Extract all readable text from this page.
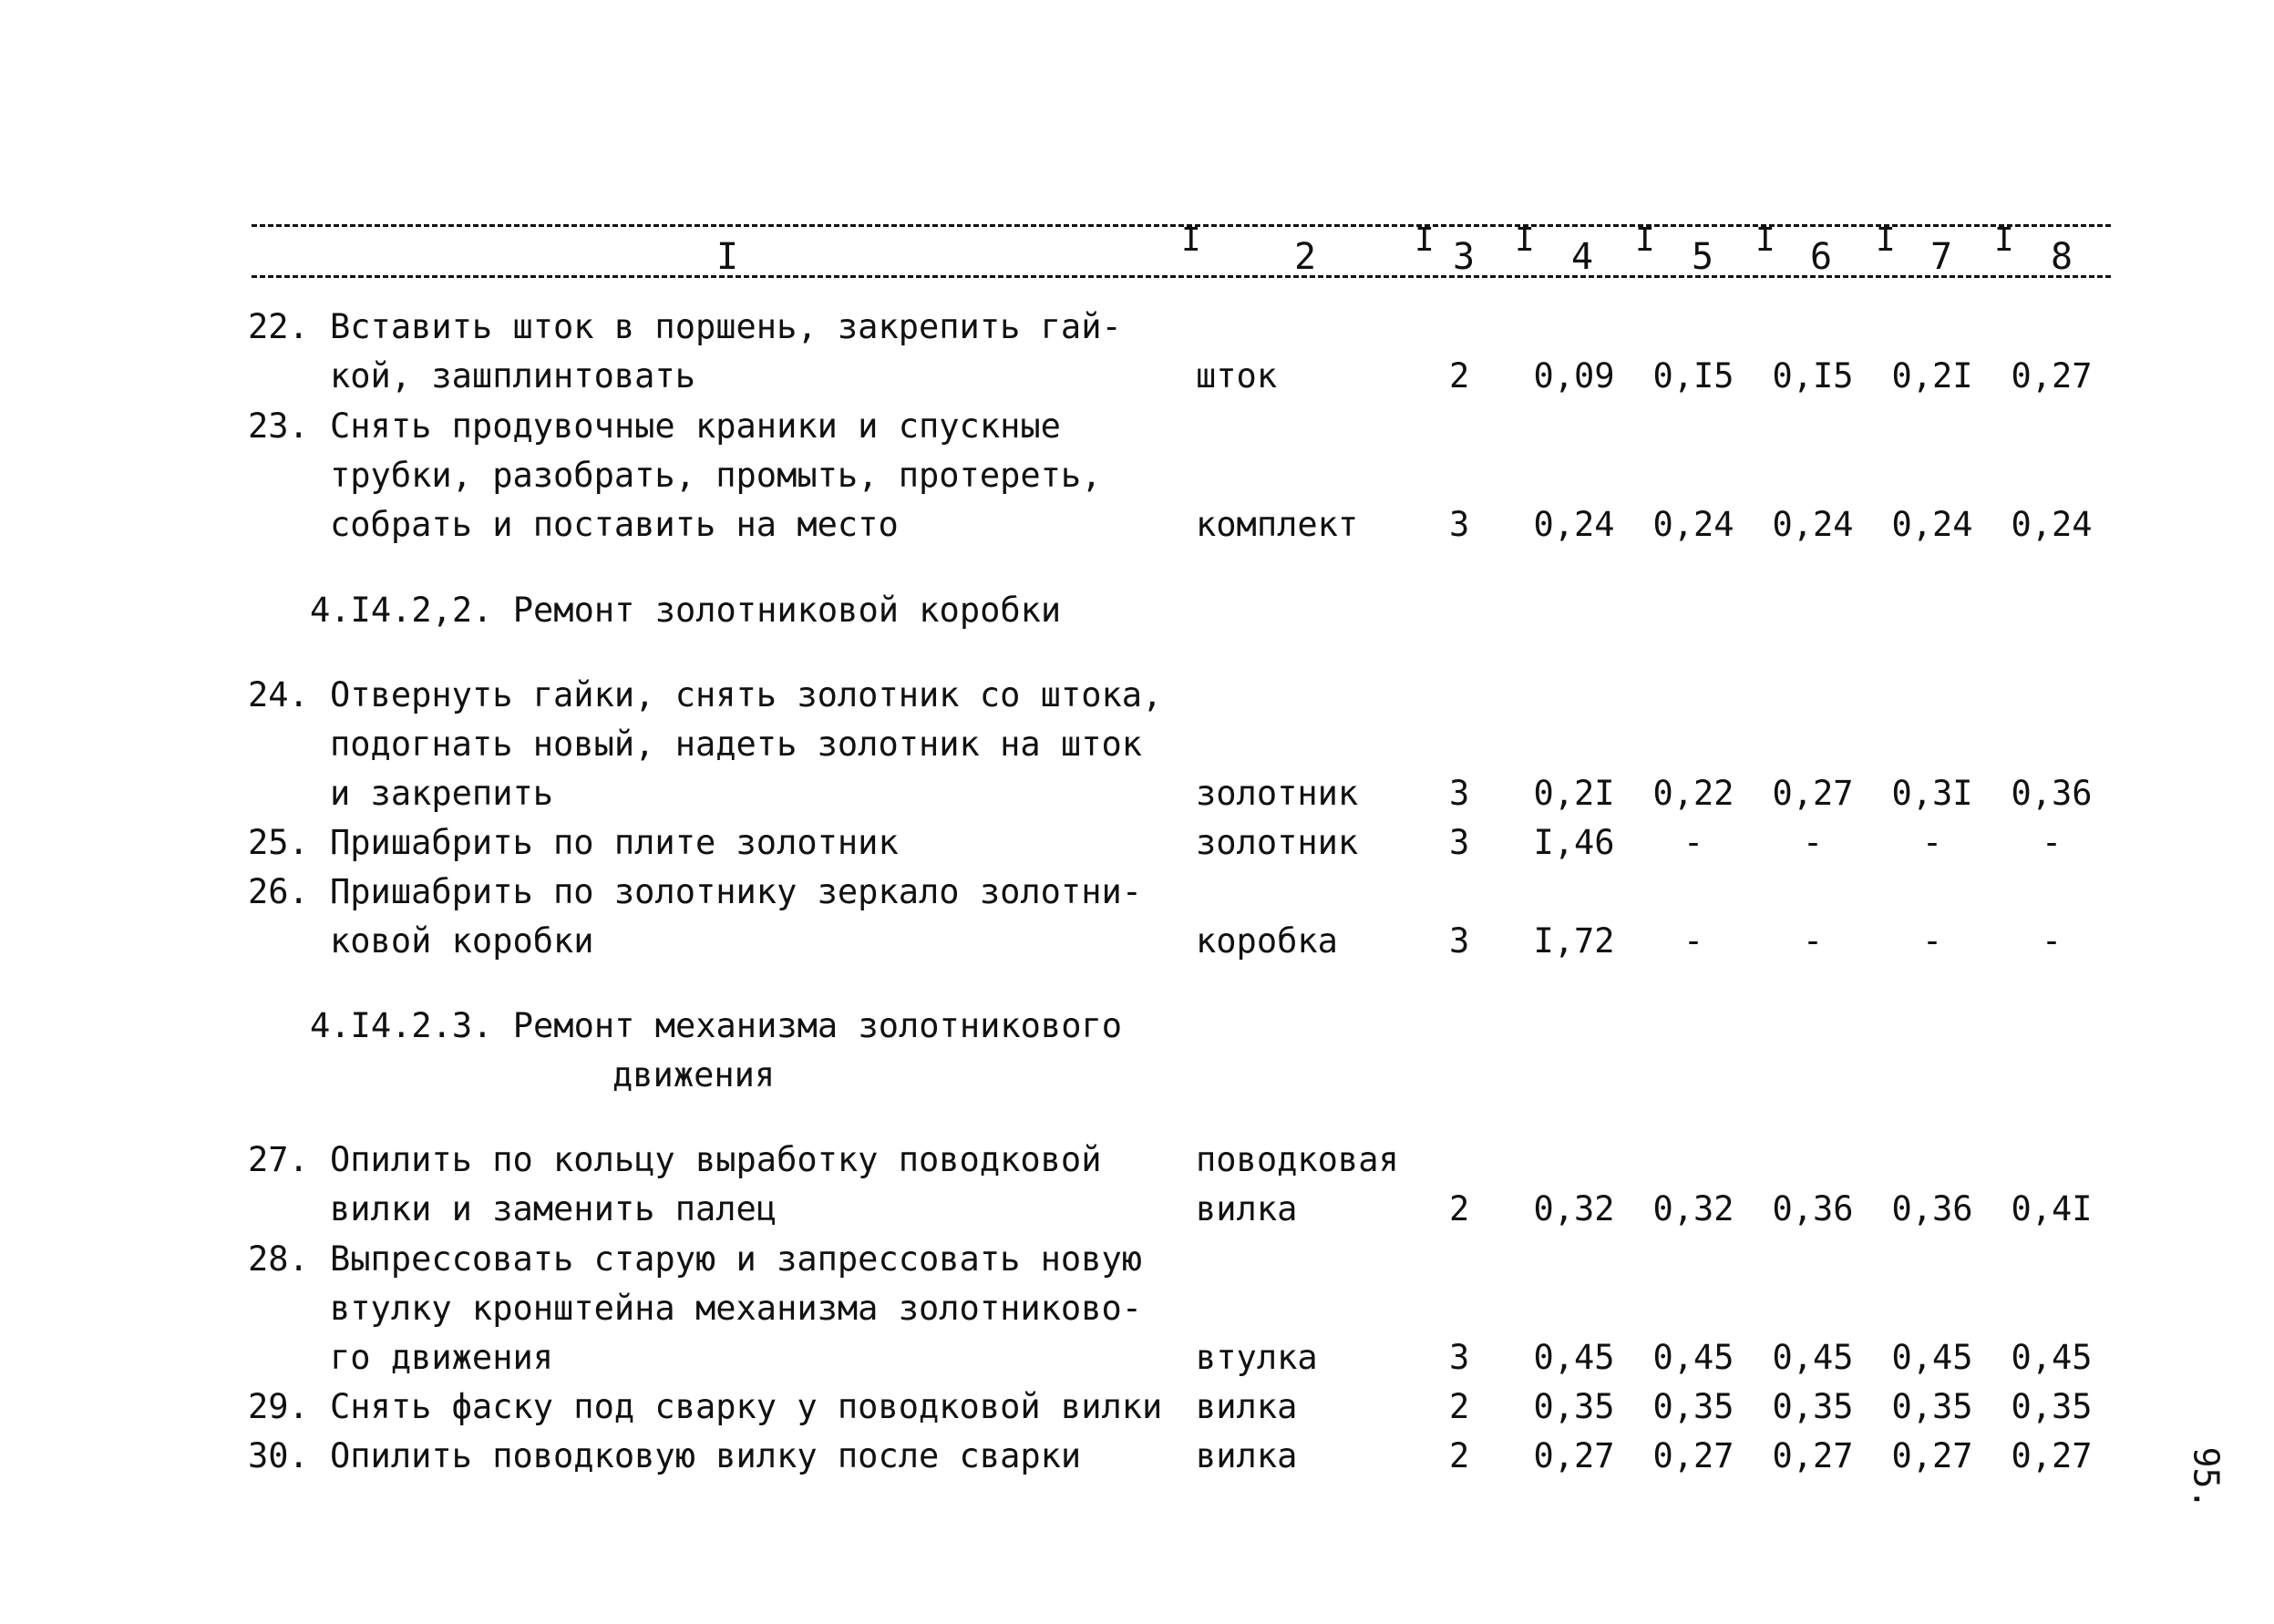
I	2	3	4	5	6	7	8
I	I I	I	I	I	I
22. Вставить шток в поршень, закрепить гай-
кой, зашплинтовать	шток	2 0,09 0,I5 0,I5 0,2I 0,27
23. Снять продувочные краники и спускные
трубки, разобрать, промыть, протереть,
собрать и поставить на место	комплект	3 0,24 0,24 0,24 0,24 0,24
4.I4.2,2. Ремонт золотниковой коробки
24. Отвернуть гайки, снять золотник со штока,
подогнать новый, надеть золотник на шток
и закрепить	золотник	3 0,2I 0,22 0,27 0,3I 0,36
25. Пришабрить по плите золотник	золотник	3 I,46	-	-	-	-
26. Пришабрить по золотнику зеркало золотни-
ковой коробки	коробка	3 I,72	-	-	-	-
4.I4.2.3. Ремонт механизма золотникового
движения
27. Опилить по кольцу выработку поводковой	поводковая
вилки и заменить палец	вилка	2 0,32 0,32 0,36 0,36 0,4I
28. Выпрессовать старую и запрессовать новую
втулку кронштейна механизма золотниково-
го движения	втулка	3 0,45 0,45 0,45 0,45 0,45
29. Снять фаску под сварку у поводковой вилки вилка	2 0,35 0,35 0,35 0,35 0,35
30. Опилить поводковую вилку после сварки	вилка	2 0,27 0,27 0,27 0,27 0,27	95.
